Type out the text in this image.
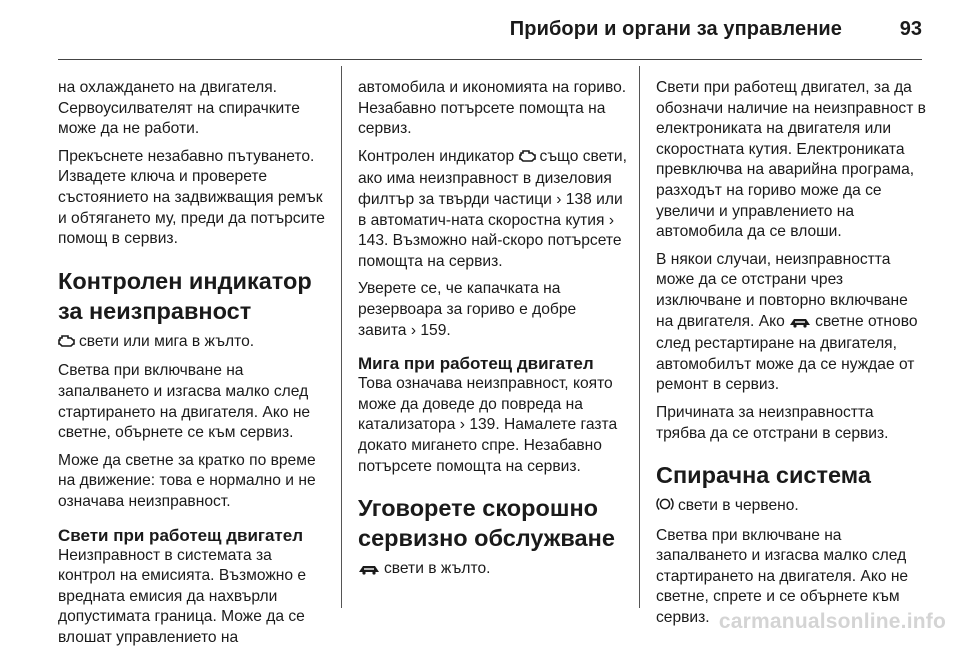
Прибори и органи за управление	93

на охлаждането на двигателя. Сервоусилвателят на спирачките може да не работи.

Прекъснете незабавно пътуването. Извадете ключа и проверете състоянието на задвижващия ремък и обтягането му, преди да потърсите помощ в сервиз.

Контролен индикатор за неизправност

свети или мига в жълто.

Светва при включване на запалването и изгасва малко след стартирането на двигателя. Ако не светне, обърнете се към сервиз.

Може да светне за кратко по време на движение: това е нормално и не означава неизправност.

Свети при работещ двигател

Неизправност в системата за контрол на емисията. Възможно е вредната емисия да нахвърли допустимата граница. Може да се влошат управлението на

автомобила и икономията на гориво. Незабавно потърсете помощта на сервиз.

Контролен индикатор също свети, ако има неизправност в дизеловия филтър за твърди частици › 138 или в автоматич-ната скоростна кутия › 143. Възможно най-скоро потърсете помощта на сервиз.

Уверете се, че капачката на резервоара за гориво е добре завита › 159.

Мига при работещ двигател

Това означава неизправност, която може да доведе до повреда на катализатора › 139. Намалете газта докато мигането спре. Незабавно потърсете помощта на сервиз.

Уговорете скорошно сервизно обслужване

свети в жълто.

Свети при работещ двигател, за да обозначи наличие на неизправност в електрониката на двигателя или скоростната кутия. Електрониката превключва на аварийна програма, разходът на гориво може да се увеличи и управлението на автомобила да се влоши.

В някои случаи, неизправността може да се отстрани чрез изключване и повторно включване на двигателя. Ако светне отново след рестартиране на двигателя, автомобилът може да се нуждае от ремонт в сервиз.

Причината за неизправността трябва да се отстрани в сервиз.

Спирачна система

свети в червено.

Светва при включване на запалването и изгасва малко след стартирането на двигателя. Ако не светне, спрете и се обърнете към сервиз. carmanualsonline.info
